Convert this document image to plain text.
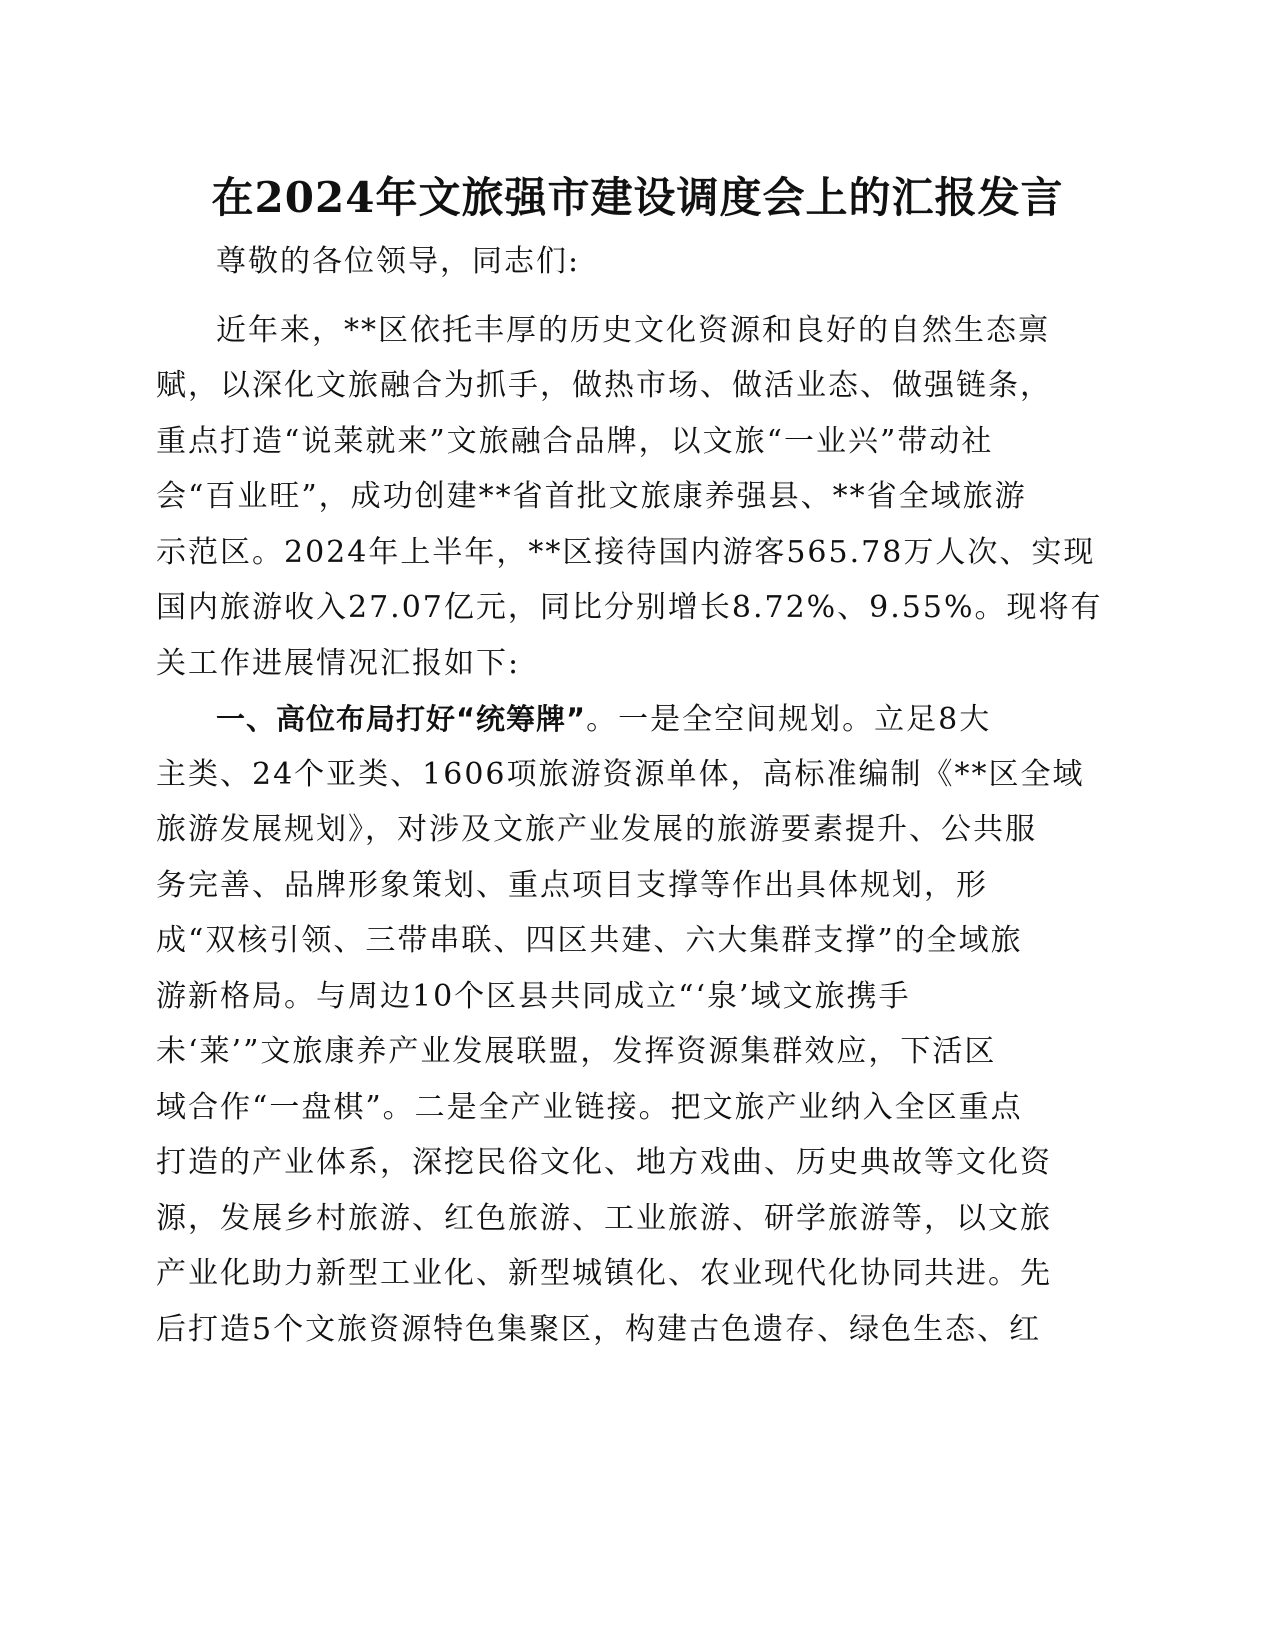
在2024年文旅强市建设调度会上的汇报发言
尊敬的各位领导，同志们:
近年来，**区依托丰厚的历史文化资源和良好的自然生态禀
赋，以深化文旅融合为抓手，做热市场、做活业态、做强链条，
重点打造“说莱就来”文旅融合品牌，以文旅“一业兴”带动社
会“百业旺”，成功创建**省首批文旅康养强县、**省全域旅游
示范区。2024年上半年，**区接待国内游客565.78万人次、实现
国内旅游收入27.07亿元，同比分别增长8.72%、9.55%。现将有
关工作进展情况汇报如下:
一、高位布局打好“统筹牌”。一是全空间规划。立足8大
主类、24个亚类、1606项旅游资源单体，高标准编制《**区全域
旅游发展规划》，对涉及文旅产业发展的旅游要素提升、公共服
务完善、品牌形象策划、重点项目支撑等作出具体规划，形
成“双核引领、三带串联、四区共建、六大集群支撑”的全域旅
游新格局。与周边10个区县共同成立“‘泉’域文旅携手
未‘莱’”文旅康养产业发展联盟，发挥资源集群效应，下活区
域合作“一盘棋”。二是全产业链接。把文旅产业纳入全区重点
打造的产业体系，深挖民俗文化、地方戏曲、历史典故等文化资
源，发展乡村旅游、红色旅游、工业旅游、研学旅游等，以文旅
产业化助力新型工业化、新型城镇化、农业现代化协同共进。先
后打造5个文旅资源特色集聚区，构建古色遗存、绿色生态、红
